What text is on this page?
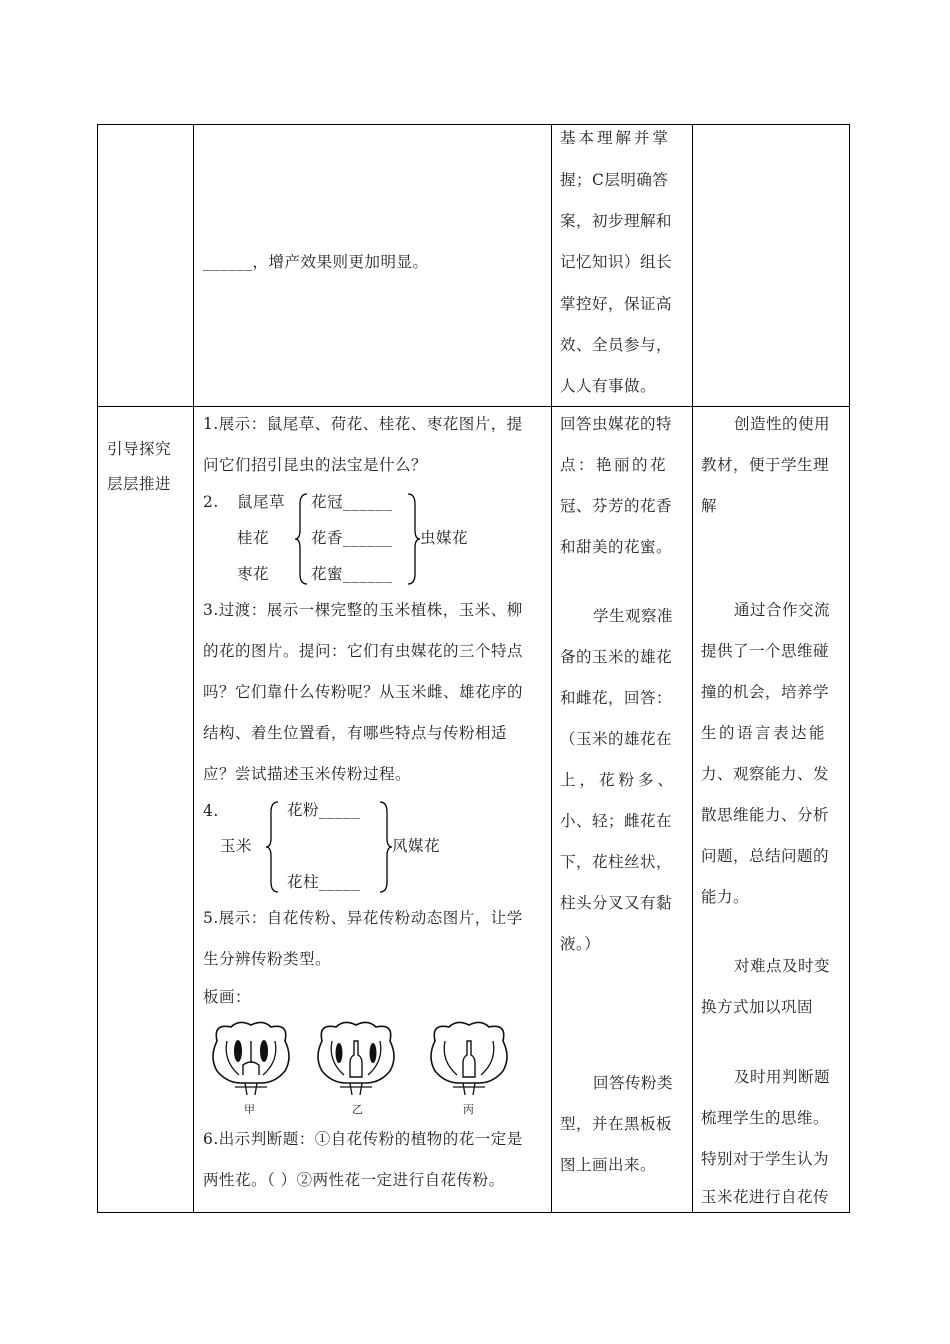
______，增产效果则更加明显。
基本理解并掌
握；C层明确答
案，初步理解和
记忆知识）组长
掌控好，保证高
效、全员参与，
人人有事做。
引导探究
层层推进
1.展示：鼠尾草、荷花、桂花、枣花图片，提
问它们招引昆虫的法宝是什么？
2. 鼠尾草
桂花
枣花
花冠______
花香______
花蜜______
虫媒花
3.过渡：展示一棵完整的玉米植株，玉米、柳
的花的图片。提问：它们有虫媒花的三个特点
吗？它们靠什么传粉呢？从玉米雌、雄花序的
结构、着生位置看，有哪些特点与传粉相适
应？尝试描述玉米传粉过程。
4.
玉米
花粉_____
花柱_____
风媒花
5.展示：自花传粉、异花传粉动态图片，让学
生分辨传粉类型。
板画：
甲	乙	丙
6.出示判断题：①自花传粉的植物的花一定是
两性花。（ ）②两性花一定进行自花传粉。
回答虫媒花的特
点：艳丽的花
冠、芬芳的花香
和甜美的花蜜。
学生观察准
备的玉米的雄花
和雌花，回答：
（玉米的雄花在
上，花粉多、
小、轻；雌花在
下，花柱丝状，
柱头分叉又有黏
液。）
回答传粉类
型，并在黑板板
图上画出来。
创造性的使用
教材，便于学生理
解
通过合作交流
提供了一个思维碰
撞的机会，培养学
生的语言表达能
力、观察能力、发
散思维能力、分析
问题，总结问题的
能力。
对难点及时变
换方式加以巩固
及时用判断题
梳理学生的思维。
特别对于学生认为
玉米花进行自花传
